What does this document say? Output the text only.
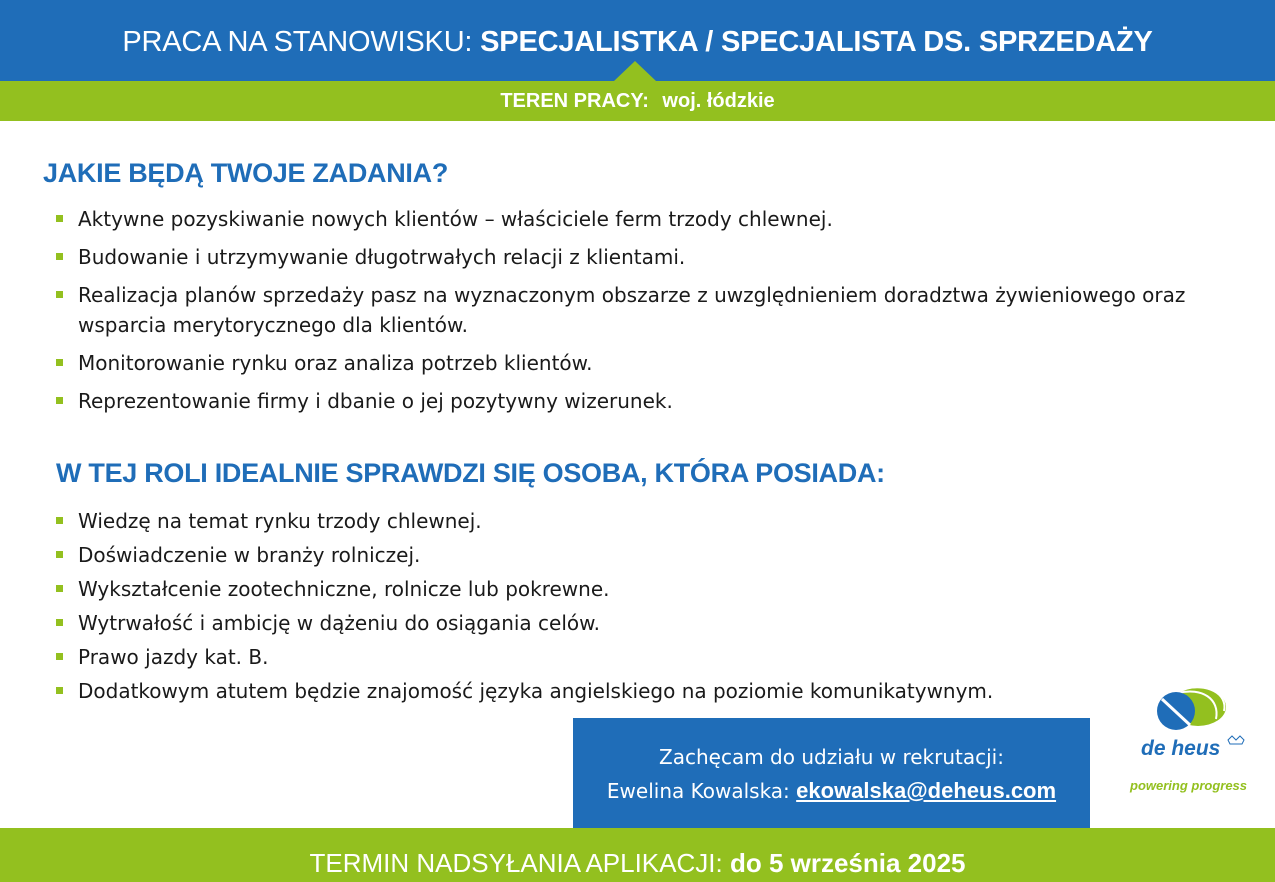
PRACA NA STANOWISKU: SPECJALISTKA / SPECJALISTA DS. SPRZEDAŻY
TEREN PRACY: woj. łódzkie
JAKIE BĘDĄ TWOJE ZADANIA?
Aktywne pozyskiwanie nowych klientów – właściciele ferm trzody chlewnej.
Budowanie i utrzymywanie długotrwałych relacji z klientami.
Realizacja planów sprzedaży pasz na wyznaczonym obszarze z uwzględnieniem doradztwa żywieniowego oraz wsparcia merytorycznego dla klientów.
Monitorowanie rynku oraz analiza potrzeb klientów.
Reprezentowanie firmy i dbanie o jej pozytywny wizerunek.
W TEJ ROLI IDEALNIE SPRAWDZI SIĘ OSOBA, KTÓRA POSIADA:
Wiedzę na temat rynku trzody chlewnej.
Doświadczenie w branży rolniczej.
Wykształcenie zootechniczne, rolnicze lub pokrewne.
Wytrwałość i ambicję w dążeniu do osiągania celów.
Prawo jazdy kat. B.
Dodatkowym atutem będzie znajomość języka angielskiego na poziomie komunikatywnym.
Zachęcam do udziału w rekrutacji:
Ewelina Kowalska: ekowalska@deheus.com
de heus
powering progress
TERMIN NADSYŁANIA APLIKACJI: do 5 września 2025
